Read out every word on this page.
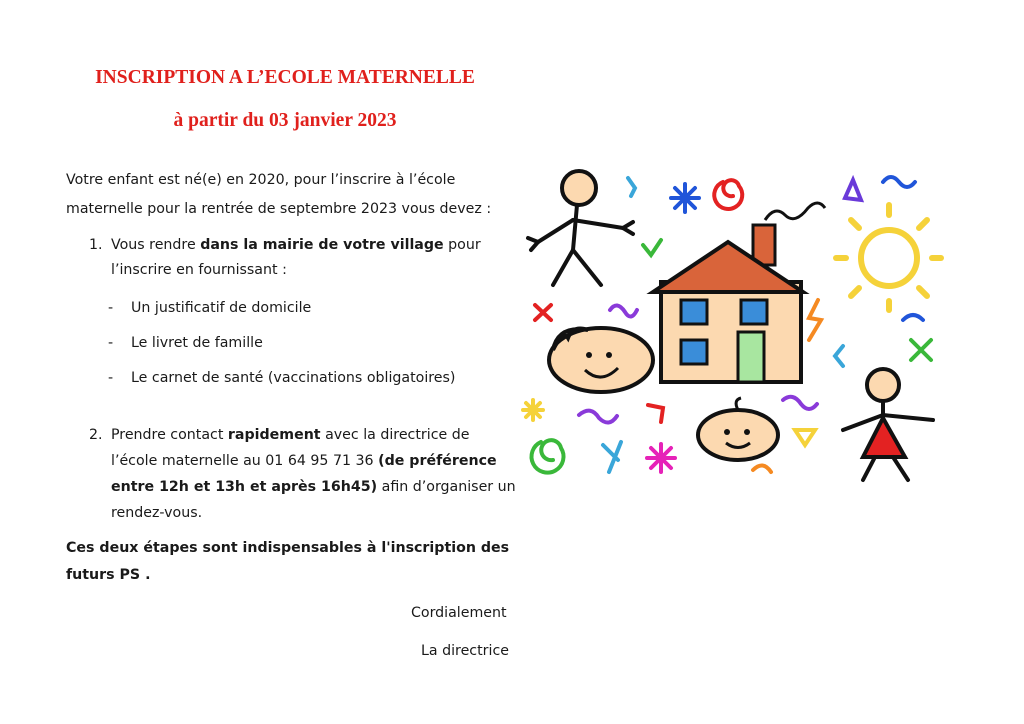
INSCRIPTION A L’ECOLE MATERNELLE
à partir du 03 janvier 2023
Votre enfant est né(e) en 2020, pour l’inscrire à l’école
maternelle pour la rentrée de septembre 2023 vous devez :
1. Vous rendre dans la mairie de votre village pour
l’inscrire en fournissant :
- Un justificatif de domicile
- Le livret de famille
- Le carnet de santé (vaccinations obligatoires)
2. Prendre contact rapidement avec la directrice de
l’école maternelle au 01 64 95 71 36 (de préférence
entre 12h et 13h et après 16h45) afin d’organiser un
rendez-vous.
Ces deux étapes sont indispensables à l'inscription des
futurs PS .
Cordialement
La directrice
